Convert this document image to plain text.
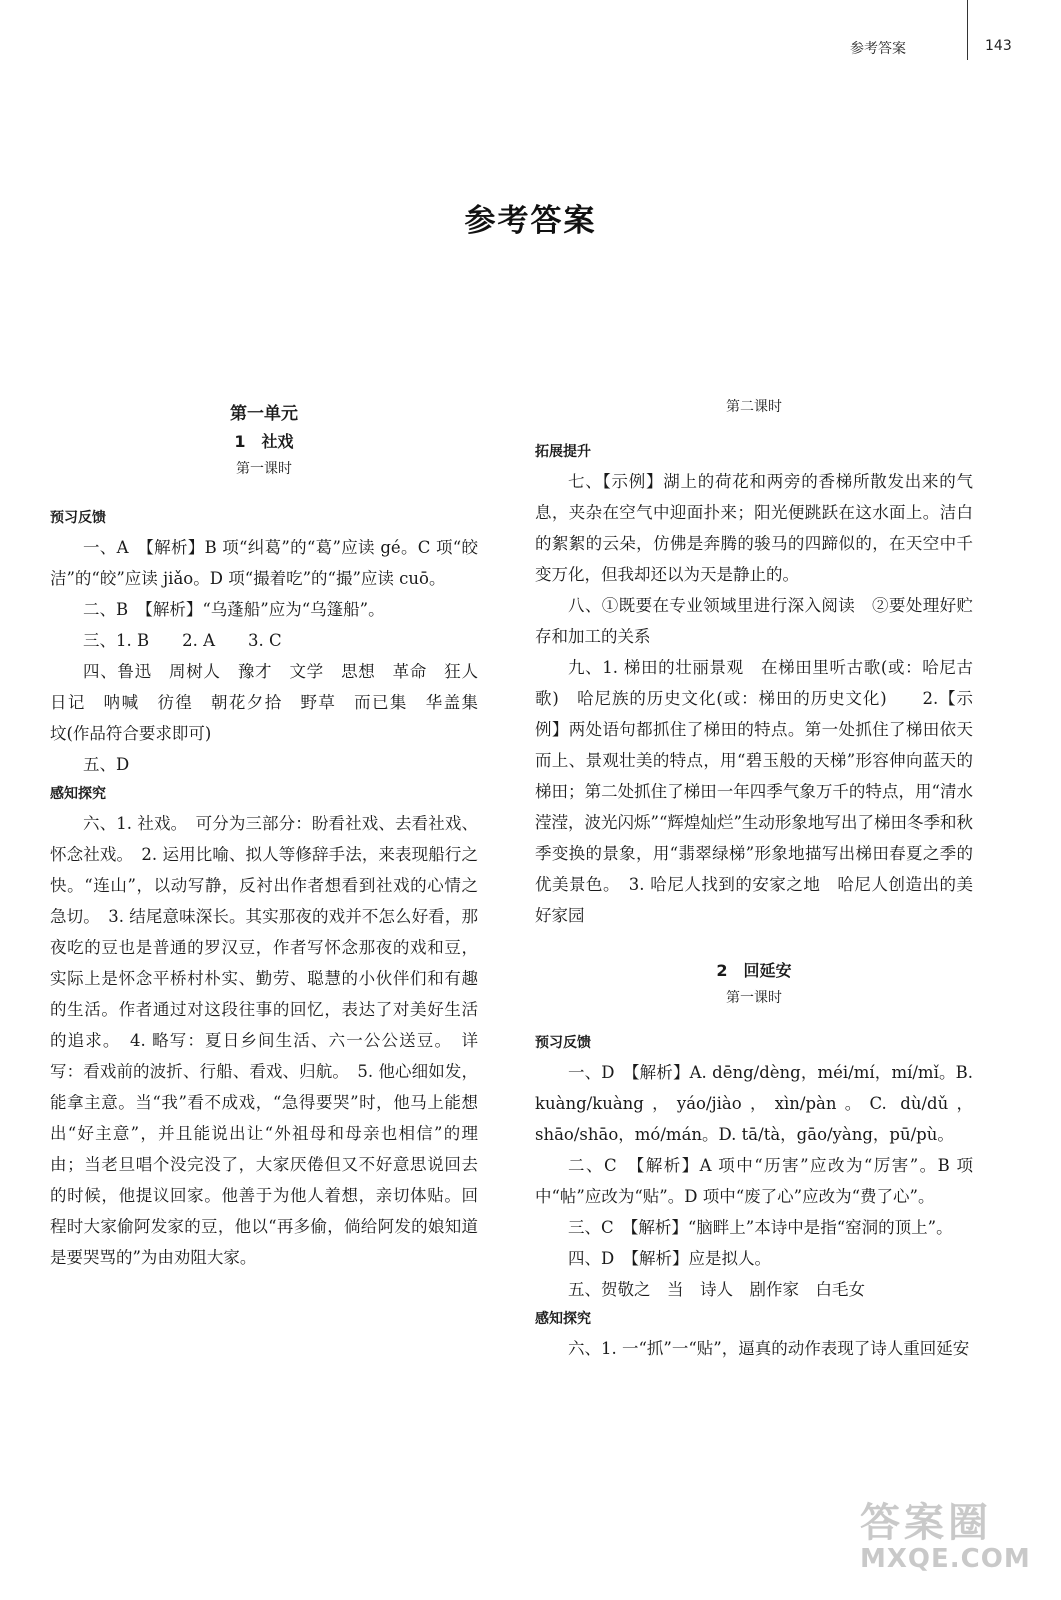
参考答案	143
参考答案
第一单元
1　社戏
第一课时
预习反馈

一、A　【解析】B 项“纠葛”的“葛”应读 gé。C 项“皎洁”的“皎”应读 jiǎo。D 项“撮着吃”的“撮”应读 cuō。

二、B　【解析】“乌蓬船”应为“乌篷船”。

三、1. B　　2. A　　3. C

四、鲁迅　周树人　豫才　文学　思想　革命　狂人日记　呐喊　彷徨　朝花夕拾　野草　而已集　华盖集　坟(作品符合要求即可)

五、D

感知探究

六、1. 社戏。　可分为三部分：盼看社戏、去看社戏、怀念社戏。　2. 运用比喻、拟人等修辞手法，来表现船行之快。“连山”，以动写静，反衬出作者想看到社戏的心情之急切。　3. 结尾意味深长。其实那夜的戏并不怎么好看，那夜吃的豆也是普通的罗汉豆，作者写怀念那夜的戏和豆，实际上是怀念平桥村朴实、勤劳、聪慧的小伙伴们和有趣的生活。作者通过对这段往事的回忆，表达了对美好生活的追求。　4. 略写：夏日乡间生活、六一公公送豆。　详写：看戏前的波折、行船、看戏、归航。　5. 他心细如发，能拿主意。当“我”看不成戏，“急得要哭”时，他马上能想出“好主意”，并且能说出让“外祖母和母亲也相信”的理由；当老旦唱个没完没了，大家厌倦但又不好意思说回去的时候，他提议回家。他善于为他人着想，亲切体贴。回程时大家偷阿发家的豆，他以“再多偷，倘给阿发的娘知道是要哭骂的”为由劝阻大家。

第二课时
拓展提升

七、【示例】湖上的荷花和两旁的香梯所散发出来的气息，夹杂在空气中迎面扑来；阳光便跳跃在这水面上。洁白的絮絮的云朵，仿佛是奔腾的骏马的四蹄似的，在天空中千变万化，但我却还以为天是静止的。

八、①既要在专业领域里进行深入阅读　②要处理好贮存和加工的关系

九、1. 梯田的壮丽景观　在梯田里听古歌(或：哈尼古歌)　哈尼族的历史文化(或：梯田的历史文化)　　2.【示例】两处语句都抓住了梯田的特点。第一处抓住了梯田依天而上、景观壮美的特点，用“碧玉般的天梯”形容伸向蓝天的梯田；第二处抓住了梯田一年四季气象万千的特点，用“清水滢滢，波光闪烁”“辉煌灿烂”生动形象地写出了梯田冬季和秋季变换的景象，用“翡翠绿梯”形象地描写出梯田春夏之季的优美景色。　3. 哈尼人找到的安家之地　哈尼人创造出的美好家园

2　回延安
第一课时
预习反馈

一、D　【解析】A. dēng/dèng，méi/mí，mí/mǐ。B. kuàng/kuàng，yáo/jiào，xìn/pàn。C. dù/dǔ，shāo/shāo，mó/mán。D. tā/tà，gāo/yàng，pū/pù。

二、C　【解析】A 项中“历害”应改为“厉害”。B 项中“帖”应改为“贴”。D 项中“废了心”应改为“费了心”。

三、C　【解析】“脑畔上”本诗中是指“窑洞的顶上”。

四、D　【解析】应是拟人。

五、贺敬之　当　诗人　剧作家　白毛女

感知探究

六、1. 一“抓”一“贴”，逼真的动作表现了诗人重回延安

答案圈
MXQE.COM
